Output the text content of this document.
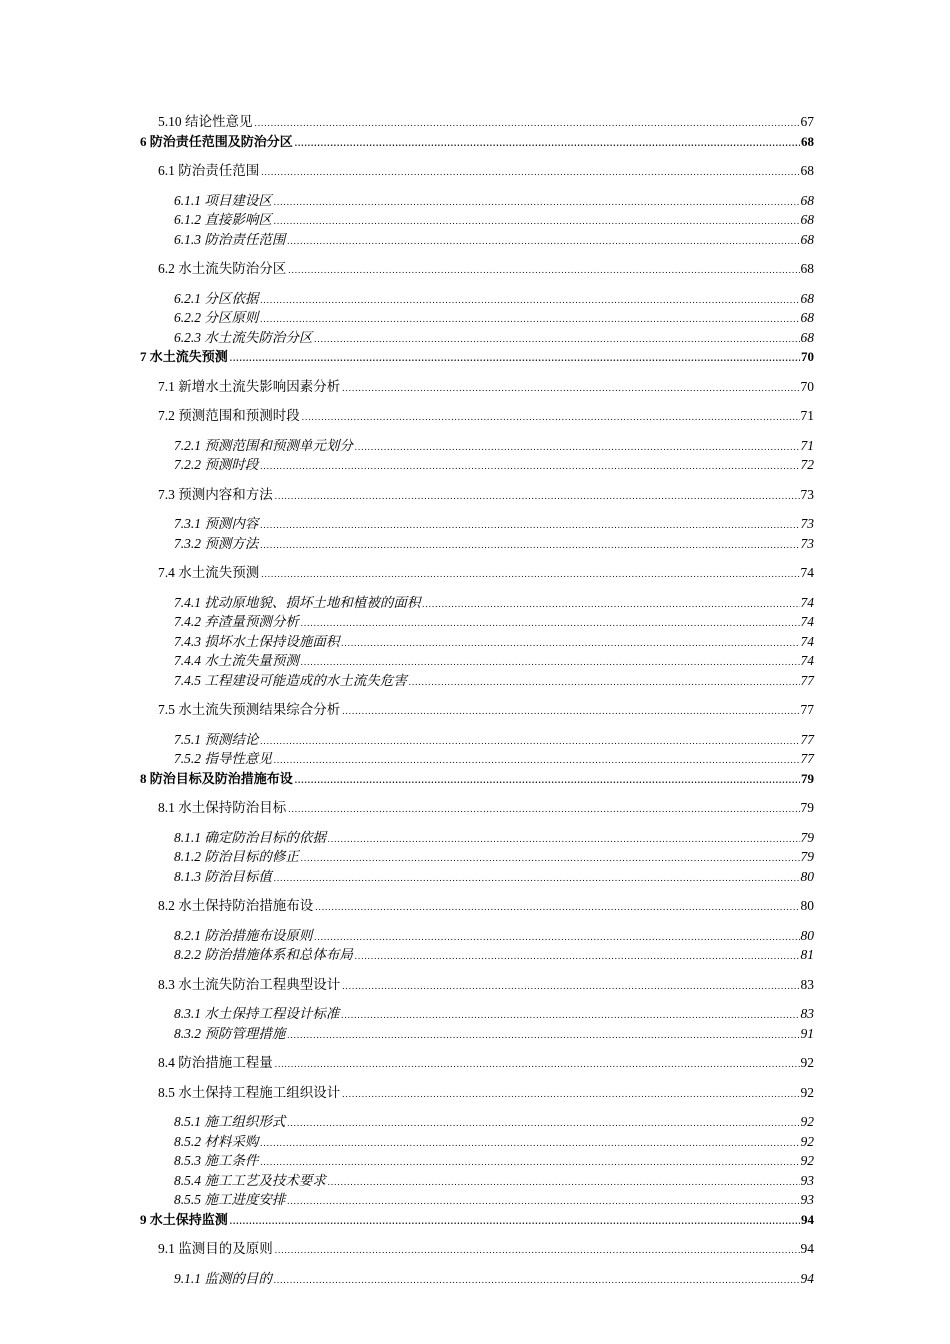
5.10 结论性意见 .....	67
6 防治责任范围及防治分区 .....	68
6.1 防治责任范围 .....	68
6.1.1 项目建设区 .....	68
6.1.2 直接影响区 .....	68
6.1.3 防治责任范围 .....	68
6.2 水土流失防治分区 .....	68
6.2.1 分区依据 .....	68
6.2.2 分区原则 .....	68
6.2.3 水土流失防治分区 .....	68
7 水土流失预测 .....	70
7.1 新增水土流失影响因素分析 .....	70
7.2 预测范围和预测时段 .....	71
7.2.1 预测范围和预测单元划分 .....	71
7.2.2 预测时段 .....	72
7.3 预测内容和方法 .....	73
7.3.1 预测内容 .....	73
7.3.2 预测方法 .....	73
7.4 水土流失预测 .....	74
7.4.1 扰动原地貌、损坏土地和植被的面积 .....	74
7.4.2 弃渣量预测分析 .....	74
7.4.3 损坏水土保持设施面积 .....	74
7.4.4 水土流失量预测 .....	74
7.4.5 工程建设可能造成的水土流失危害 .....	77
7.5 水土流失预测结果综合分析 .....	77
7.5.1 预测结论 .....	77
7.5.2 指导性意见 .....	77
8 防治目标及防治措施布设 .....	79
8.1 水土保持防治目标 .....	79
8.1.1 确定防治目标的依据 .....	79
8.1.2 防治目标的修正 .....	79
8.1.3 防治目标值 .....	80
8.2 水土保持防治措施布设 .....	80
8.2.1 防治措施布设原则 .....	80
8.2.2 防治措施体系和总体布局 .....	81
8.3 水土流失防治工程典型设计 .....	83
8.3.1 水土保持工程设计标准 .....	83
8.3.2 预防管理措施 .....	91
8.4 防治措施工程量 .....	92
8.5 水土保持工程施工组织设计 .....	92
8.5.1 施工组织形式 .....	92
8.5.2 材料采购 .....	92
8.5.3 施工条件 .....	92
8.5.4 施工工艺及技术要求 .....	93
8.5.5 施工进度安排 .....	93
9 水土保持监测 .....	94
9.1 监测目的及原则 .....	94
9.1.1 监测的目的 .....	94
